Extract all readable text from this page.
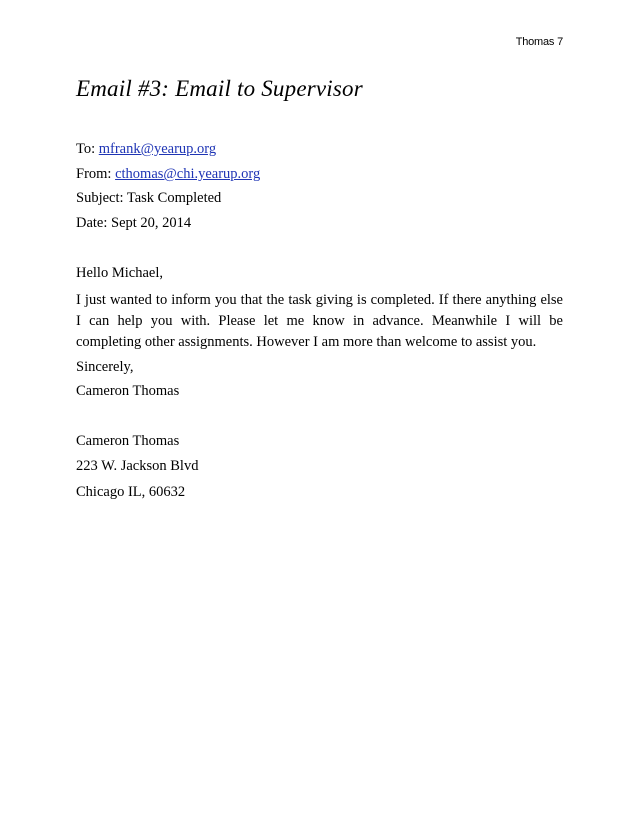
Thomas 7
Email #3: Email to Supervisor
To: mfrank@yearup.org
From: cthomas@chi.yearup.org
Subject: Task Completed
Date: Sept 20, 2014
Hello Michael,

I just wanted to inform you that the task giving is completed. If there anything else I can help you with. Please let me know in advance. Meanwhile I will be completing other assignments. However I am more than welcome to assist you.

Sincerely,
Cameron Thomas
Cameron Thomas
223 W. Jackson Blvd
Chicago IL, 60632
